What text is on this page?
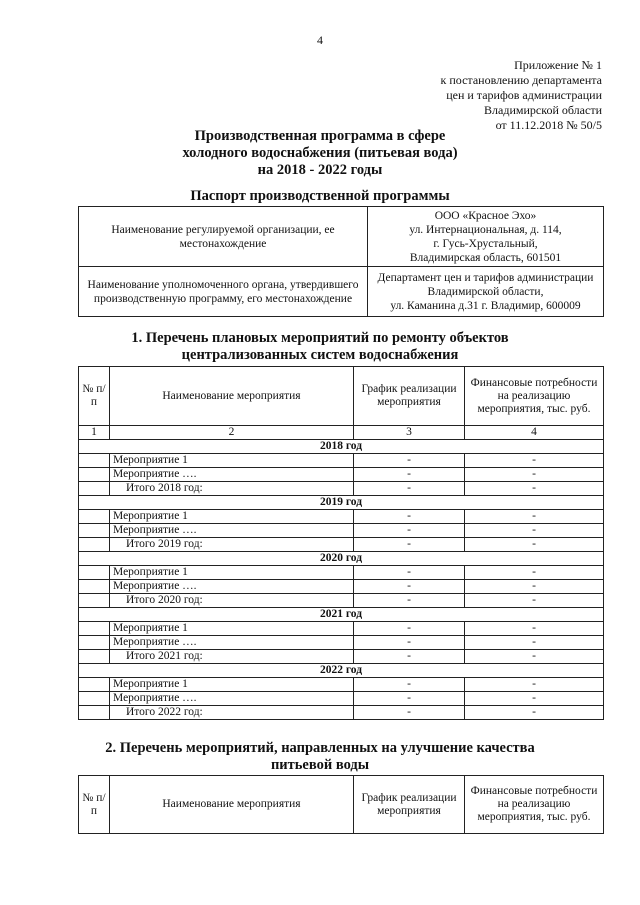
4
Приложение № 1
к постановлению департамента
цен и тарифов администрации
Владимирской области
от 11.12.2018 № 50/5
Производственная программа в сфере
холодного водоснабжения (питьевая вода)
на 2018 - 2022 годы
Паспорт производственной программы
Наименование регулируемой организации, ее местонахождение	ООО «Красное Эхо»
ул. Интернациональная, д. 114,
г. Гусь-Хрустальный,
Владимирская область, 601501

Наименование уполномоченного органа, утвердившего производственную программу, его местонахождение	Департамент цен и тарифов администрации
Владимирской области,
ул. Каманина д.31 г. Владимир, 600009
1. Перечень плановых мероприятий по ремонту объектов
централизованных систем водоснабжения
№ п/п	Наименование мероприятия	График реализации мероприятия	Финансовые потребности на реализацию мероприятия, тыс. руб.
1	2	3	4
2018 год			
	Мероприятие 1	-	-
	Мероприятие ….	-	-
	Итого 2018 год:	-	-
2019 год			
	Мероприятие 1	-	-
	Мероприятие ….	-	-
	Итого 2019 год:	-	-
2020 год			
	Мероприятие 1	-	-
	Мероприятие ….	-	-
	Итого 2020 год:	-	-
2021 год			
	Мероприятие 1	-	-
	Мероприятие ….	-	-
	Итого 2021 год:	-	-
2022 год			
	Мероприятие 1	-	-
	Мероприятие ….	-	-
	Итого 2022 год:	-	-
2. Перечень мероприятий, направленных на улучшение качества
питьевой воды
№ п/п	Наименование мероприятия	График реализации мероприятия	Финансовые потребности на реализацию мероприятия, тыс. руб.
